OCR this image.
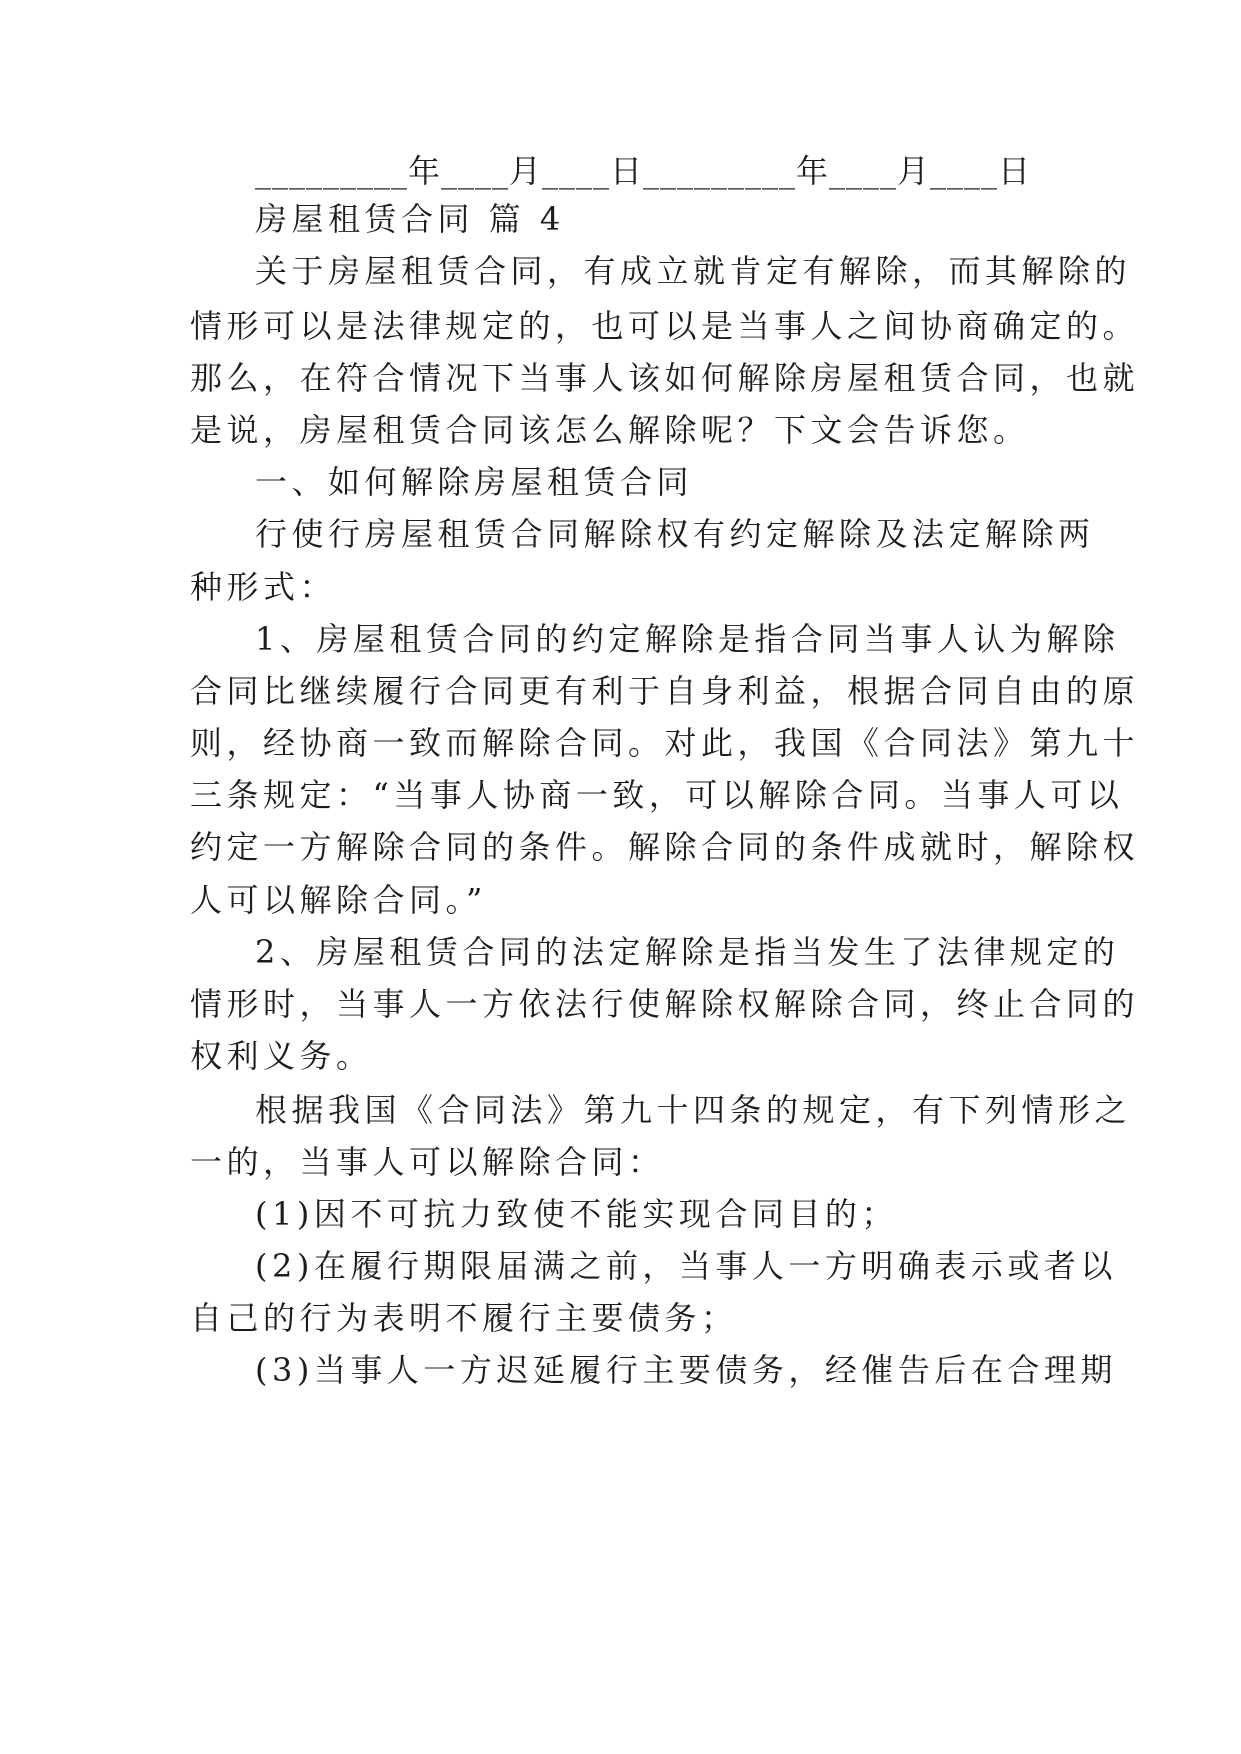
_________年____月____日_________年____月____日

房屋租赁合同 篇 4

关于房屋租赁合同，有成立就肯定有解除，而其解除的

情形可以是法律规定的，也可以是当事人之间协商确定的。

那么，在符合情况下当事人该如何解除房屋租赁合同，也就

是说，房屋租赁合同该怎么解除呢？下文会告诉您。

一、如何解除房屋租赁合同

行使行房屋租赁合同解除权有约定解除及法定解除两

种形式：

1、房屋租赁合同的约定解除是指合同当事人认为解除

合同比继续履行合同更有利于自身利益，根据合同自由的原

则，经协商一致而解除合同。对此，我国《合同法》第九十

三条规定：“当事人协商一致，可以解除合同。当事人可以

约定一方解除合同的条件。解除合同的条件成就时，解除权

人可以解除合同。”

2、房屋租赁合同的法定解除是指当发生了法律规定的

情形时，当事人一方依法行使解除权解除合同，终止合同的

权利义务。

根据我国《合同法》第九十四条的规定，有下列情形之

一的，当事人可以解除合同：

(1)因不可抗力致使不能实现合同目的；

(2)在履行期限届满之前，当事人一方明确表示或者以

自己的行为表明不履行主要债务；

(3)当事人一方迟延履行主要债务，经催告后在合理期
